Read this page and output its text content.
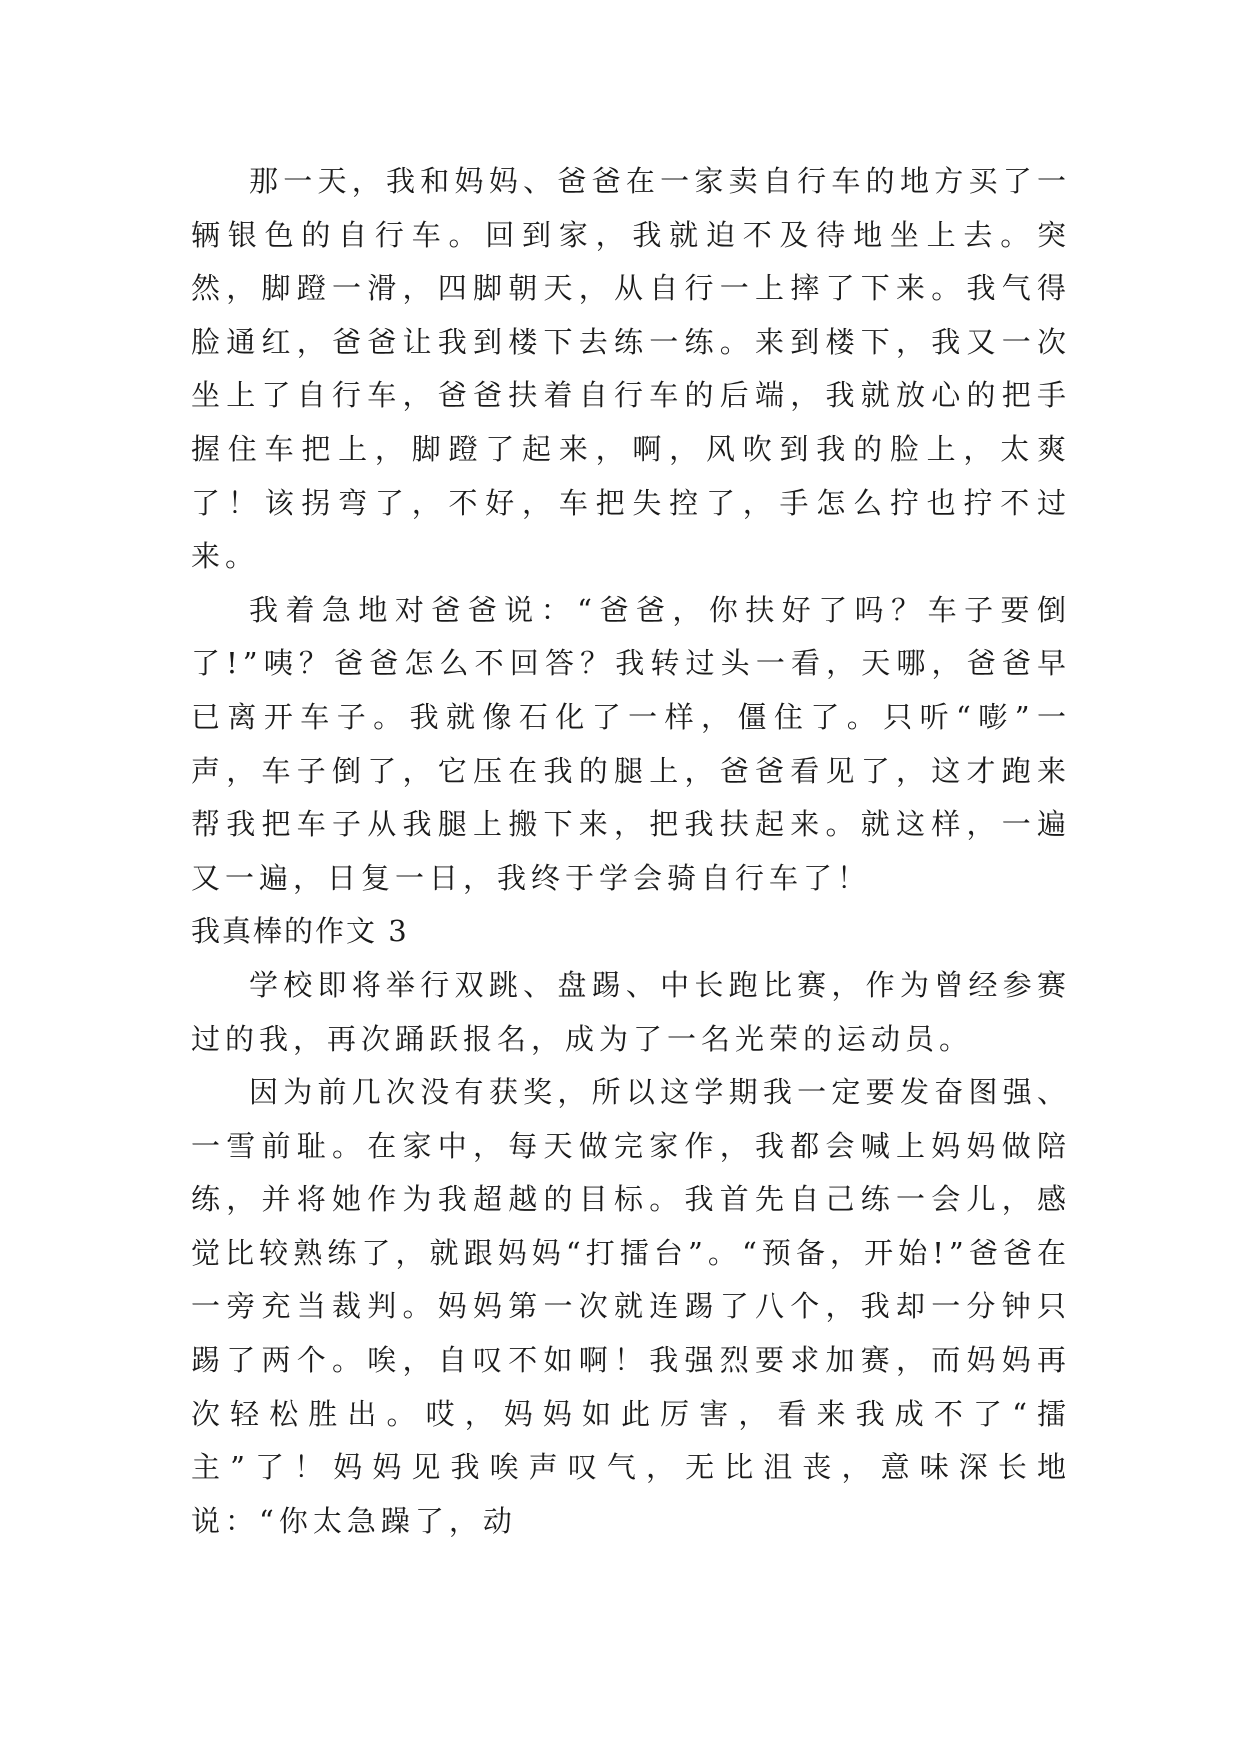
那一天，我和妈妈、爸爸在一家卖自行车的地方买了一辆银色的自行车。回到家，我就迫不及待地坐上去。突然，脚蹬一滑，四脚朝天，从自行一上摔了下来。我气得脸通红，爸爸让我到楼下去练一练。来到楼下，我又一次坐上了自行车，爸爸扶着自行车的后端，我就放心的把手握住车把上，脚蹬了起来，啊，风吹到我的脸上，太爽了！该拐弯了，不好，车把失控了，手怎么拧也拧不过来。

我着急地对爸爸说：“爸爸，你扶好了吗？车子要倒了!”咦？爸爸怎么不回答？我转过头一看，天哪，爸爸早已离开车子。我就像石化了一样，僵住了。只听“嘭”一声，车子倒了，它压在我的腿上，爸爸看见了，这才跑来帮我把车子从我腿上搬下来，把我扶起来。就这样，一遍又一遍，日复一日，我终于学会骑自行车了！

我真棒的作文 3

学校即将举行双跳、盘踢、中长跑比赛，作为曾经参赛过的我，再次踊跃报名，成为了一名光荣的运动员。

因为前几次没有获奖，所以这学期我一定要发奋图强、一雪前耻。在家中，每天做完家作，我都会喊上妈妈做陪练，并将她作为我超越的目标。我首先自己练一会儿，感觉比较熟练了，就跟妈妈“打擂台”。“预备，开始!”爸爸在一旁充当裁判。妈妈第一次就连踢了八个，我却一分钟只踢了两个。唉，自叹不如啊！我强烈要求加赛，而妈妈再次轻松胜出。哎，妈妈如此厉害，看来我成不了“擂主”了！妈妈见我唉声叹气，无比沮丧，意味深长地说：“你太急躁了，动
